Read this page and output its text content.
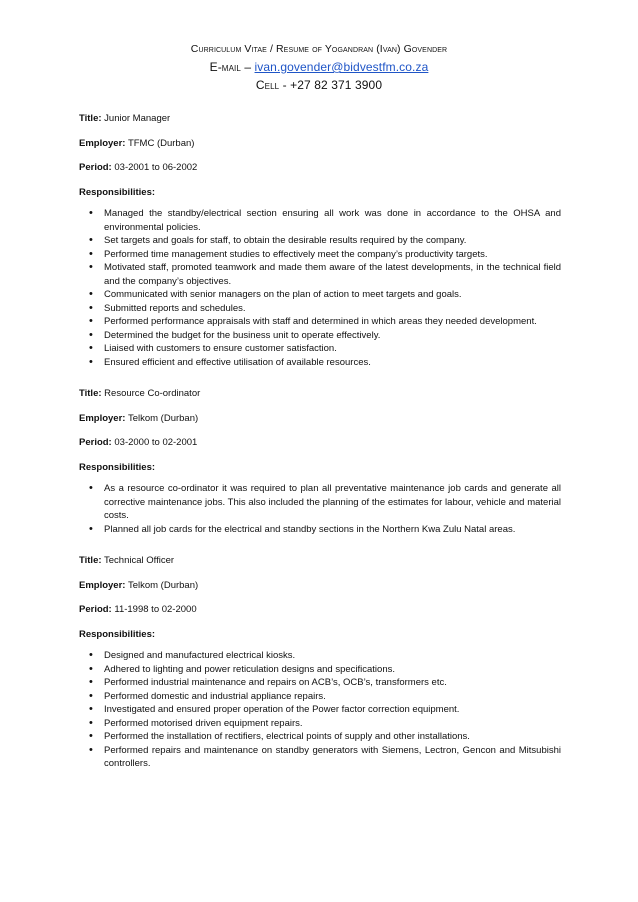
Curriculum Vitae / Resume of Yogandran (Ivan) Govender
E-mail – ivan.govender@bidvestfm.co.za
Cell - +27 82 371 3900
Title: Junior Manager
Employer: TFMC (Durban)
Period: 03-2001 to 06-2002
Responsibilities:
• Managed the standby/electrical section ensuring all work was done in accordance to the OHSA and environmental policies.
• Set targets and goals for staff, to obtain the desirable results required by the company.
• Performed time management studies to effectively meet the company’s productivity targets.
• Motivated staff, promoted teamwork and made them aware of the latest developments, in the technical field and the company’s objectives.
• Communicated with senior managers on the plan of action to meet targets and goals.
• Submitted reports and schedules.
• Performed performance appraisals with staff and determined in which areas they needed development.
• Determined the budget for the business unit to operate effectively.
• Liaised with customers to ensure customer satisfaction.
• Ensured efficient and effective utilisation of available resources.
Title: Resource Co-ordinator
Employer: Telkom (Durban)
Period: 03-2000 to 02-2001
Responsibilities:
• As a resource co-ordinator it was required to plan all preventative maintenance job cards and generate all corrective maintenance jobs. This also included the planning of the estimates for labour, vehicle and material costs.
• Planned all job cards for the electrical and standby sections in the Northern Kwa Zulu Natal areas.
Title: Technical Officer
Employer: Telkom (Durban)
Period: 11-1998 to 02-2000
Responsibilities:
• Designed and manufactured electrical kiosks.
• Adhered to lighting and power reticulation designs and specifications.
• Performed industrial maintenance and repairs on ACB’s, OCB’s, transformers etc.
• Performed domestic and industrial appliance repairs.
• Investigated and ensured proper operation of the Power factor correction equipment.
• Performed motorised driven equipment repairs.
• Performed the installation of rectifiers, electrical points of supply and other installations.
• Performed repairs and maintenance on standby generators with Siemens, Lectron, Gencon and Mitsubishi controllers.
